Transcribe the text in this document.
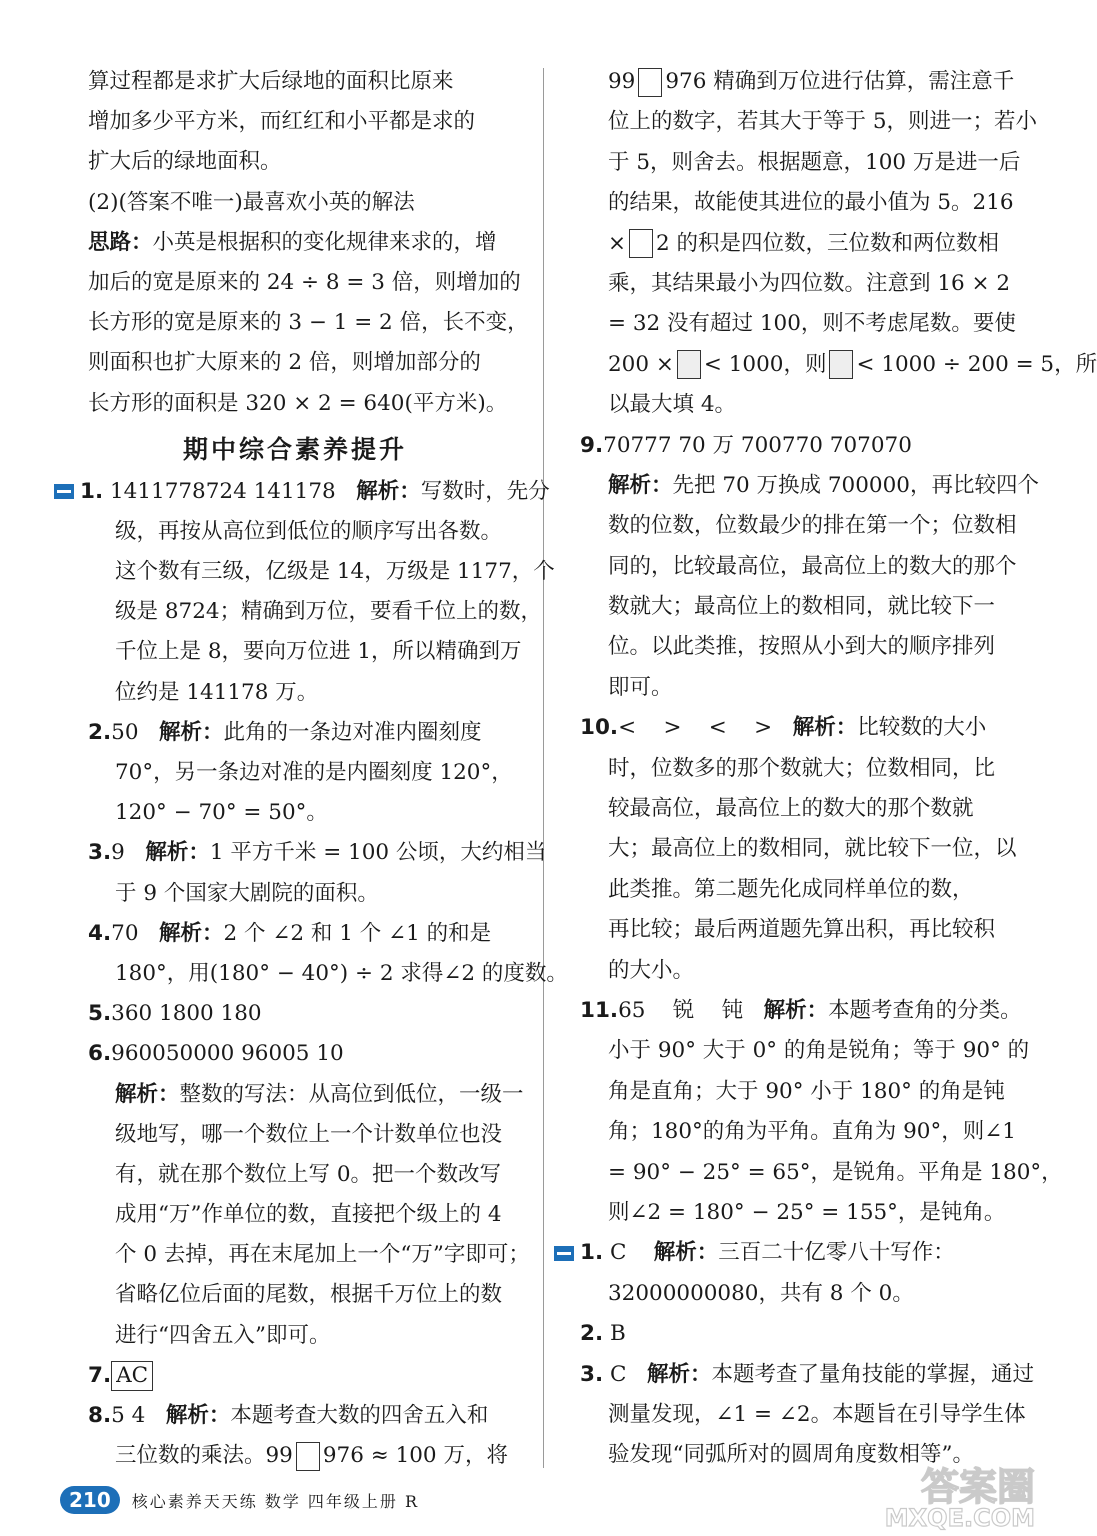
算过程都是求扩大后绿地的面积比原来
增加多少平方米，而红红和小平都是求的
扩大后的绿地面积。
(2)(答案不唯一)最喜欢小英的解法
思路：小英是根据积的变化规律来求的，增
加后的宽是原来的 24 ÷ 8 = 3 倍，则增加的
长方形的宽是原来的 3 − 1 = 2 倍，长不变，
则面积也扩大原来的 2 倍，则增加部分的
长方形的面积是 320 × 2 = 640(平方米)。
期中综合素养提升
1. 1411778724 141178 解析：写数时，先分
级，再按从高位到低位的顺序写出各数。
这个数有三级，亿级是 14，万级是 1177，个
级是 8724；精确到万位，要看千位上的数，
千位上是 8，要向万位进 1，所以精确到万
位约是 141178 万。
2.50 解析：此角的一条边对准内圈刻度
70°，另一条边对准的是内圈刻度 120°，
120° − 70° = 50°。
3.9 解析：1 平方千米 = 100 公顷，大约相当
于 9 个国家大剧院的面积。
4.70 解析：2 个 ∠2 和 1 个 ∠1 的和是
180°，用(180° − 40°) ÷ 2 求得∠2 的度数。
5.360 1800 180
6.960050000 96005 10
解析：整数的写法：从高位到低位，一级一
级地写，哪一个数位上一个计数单位也没
有，就在那个数位上写 0。把一个数改写
成用“万”作单位的数，直接把个级上的 4
个 0 去掉，再在末尾加上一个“万”字即可；
省略亿位后面的尾数，根据千万位上的数
进行“四舍五入”即可。
7. AC
8.5 4 解析：本题考查大数的四舍五入和
三位数的乘法。99 976 ≈ 100 万，将
99 976 精确到万位进行估算，需注意千
位上的数字，若其大于等于 5，则进一；若小
于 5，则舍去。根据题意，100 万是进一后
的结果，故能使其进位的最小值为 5。216
× 2 的积是四位数，三位数和两位数相
乘，其结果最小为四位数。注意到 16 × 2
= 32 没有超过 100，则不考虑尾数。要使
200 × < 1000，则 < 1000 ÷ 200 = 5，所
以最大填 4。
9.70777 70 万 700770 707070
解析：先把 70 万换成 700000，再比较四个
数的位数，位数最少的排在第一个；位数相
同的，比较最高位，最高位上的数大的那个
数就大；最高位上的数相同，就比较下一
位。以此类推，按照从小到大的顺序排列
即可。
10.<    >    <    > 解析：比较数的大小
时，位数多的那个数就大；位数相同，比
较最高位，最高位上的数大的那个数就
大；最高位上的数相同，就比较下一位，以
此类推。第二题先化成同样单位的数，
再比较；最后两道题先算出积，再比较积
的大小。
11.65    锐    钝 解析：本题考查角的分类。
小于 90° 大于 0° 的角是锐角；等于 90° 的
角是直角；大于 90° 小于 180° 的角是钝
角；180°的角为平角。直角为 90°，则∠1
= 90° − 25° = 65°，是锐角。平角是 180°，
则∠2 = 180° − 25° = 155°，是钝角。
1. C 解析：三百二十亿零八十写作：
32000000080，共有 8 个 0。
2. B
3. C 解析：本题考查了量角技能的掌握，通过
测量发现，∠1 = ∠2。本题旨在引导学生体
验发现“同弧所对的圆周角度数相等”。
210	核心素养天天练 数学 四年级上册 R	答案圈
MXQE.COM
